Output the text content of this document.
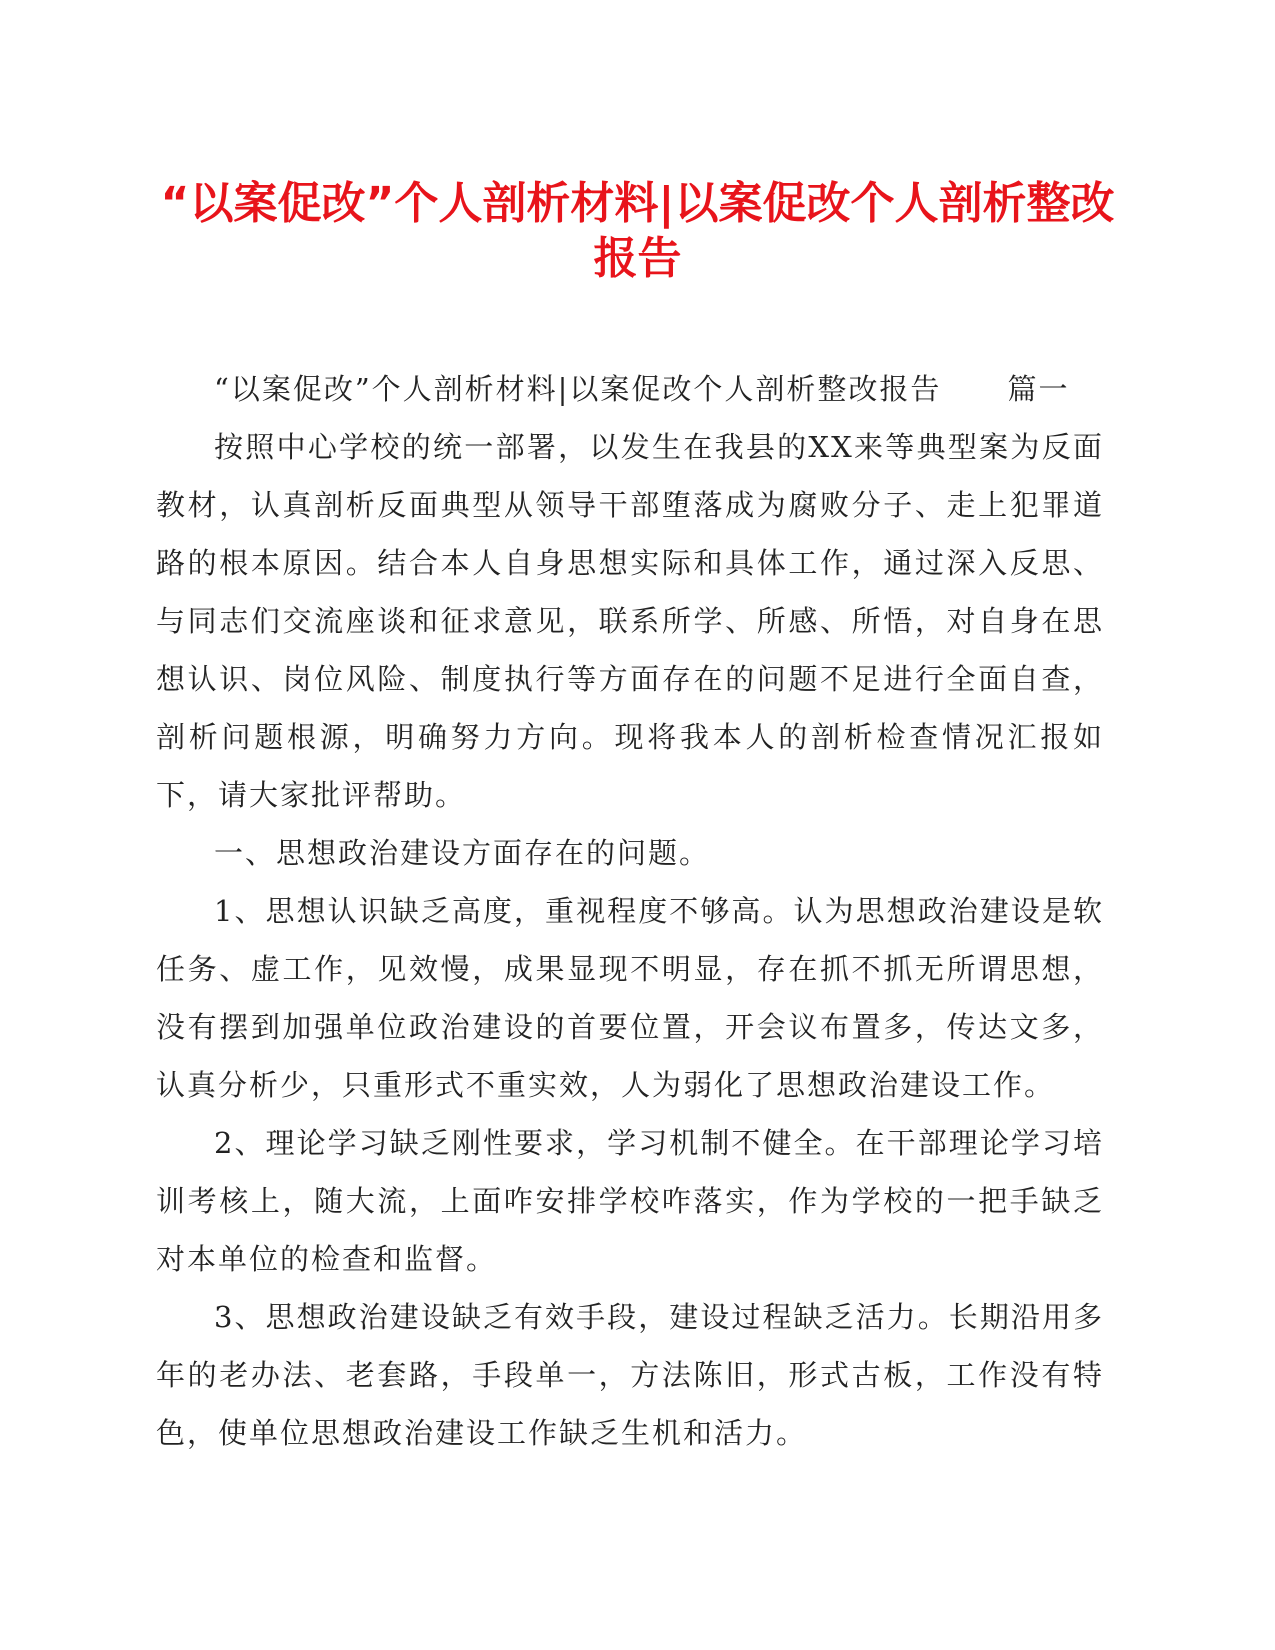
“以案促改”个人剖析材料|以案促改个人剖析整改报告

“以案促改”个人剖析材料|以案促改个人剖析整改报告 篇一

按照中心学校的统一部署，以发生在我县的XX来等典型案为反面教材，认真剖析反面典型从领导干部堕落成为腐败分子、走上犯罪道路的根本原因。结合本人自身思想实际和具体工作，通过深入反思、与同志们交流座谈和征求意见，联系所学、所感、所悟，对自身在思想认识、岗位风险、制度执行等方面存在的问题不足进行全面自查，剖析问题根源，明确努力方向。现将我本人的剖析检查情况汇报如下，请大家批评帮助。

一、思想政治建设方面存在的问题。

1、思想认识缺乏高度，重视程度不够高。认为思想政治建设是软任务、虚工作，见效慢，成果显现不明显，存在抓不抓无所谓思想，没有摆到加强单位政治建设的首要位置，开会议布置多，传达文多，认真分析少，只重形式不重实效，人为弱化了思想政治建设工作。

2、理论学习缺乏刚性要求，学习机制不健全。在干部理论学习培训考核上，随大流，上面咋安排学校咋落实，作为学校的一把手缺乏对本单位的检查和监督。

3、思想政治建设缺乏有效手段，建设过程缺乏活力。长期沿用多年的老办法、老套路，手段单一，方法陈旧，形式古板，工作没有特色，使单位思想政治建设工作缺乏生机和活力。
